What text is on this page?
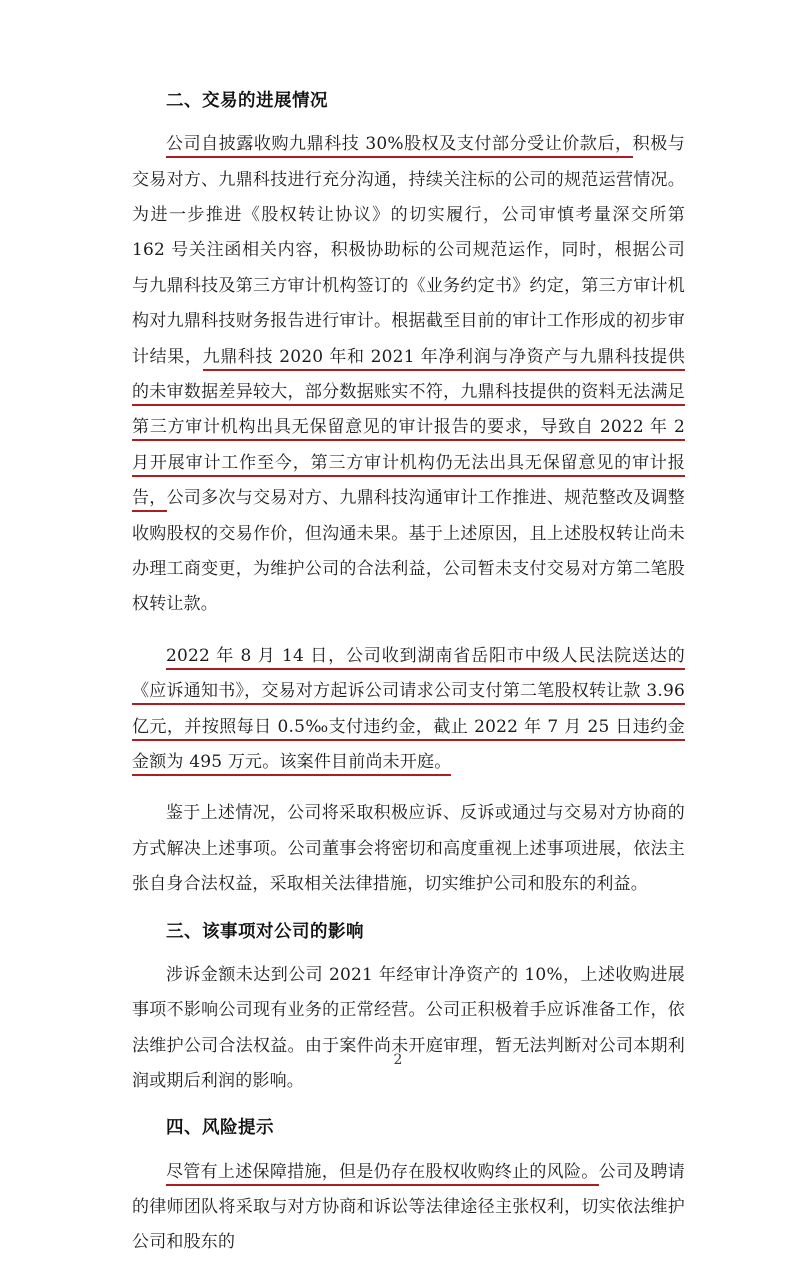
二、交易的进展情况

公司自披露收购九鼎科技 30%股权及支付部分受让价款后，积极与交易对方、九鼎科技进行充分沟通，持续关注标的公司的规范运营情况。为进一步推进《股权转让协议》的切实履行，公司审慎考量深交所第 162 号关注函相关内容，积极协助标的公司规范运作，同时，根据公司与九鼎科技及第三方审计机构签订的《业务约定书》约定，第三方审计机构对九鼎科技财务报告进行审计。根据截至目前的审计工作形成的初步审计结果，九鼎科技 2020 年和 2021 年净利润与净资产与九鼎科技提供的未审数据差异较大，部分数据账实不符，九鼎科技提供的资料无法满足第三方审计机构出具无保留意见的审计报告的要求，导致自 2022 年 2 月开展审计工作至今，第三方审计机构仍无法出具无保留意见的审计报告，公司多次与交易对方、九鼎科技沟通审计工作推进、规范整改及调整收购股权的交易作价，但沟通未果。基于上述原因，且上述股权转让尚未办理工商变更，为维护公司的合法利益，公司暂未支付交易对方第二笔股权转让款。

2022 年 8 月 14 日，公司收到湖南省岳阳市中级人民法院送达的《应诉通知书》，交易对方起诉公司请求公司支付第二笔股权转让款 3.96 亿元，并按照每日 0.5‰支付违约金，截止 2022 年 7 月 25 日违约金金额为 495 万元。该案件目前尚未开庭。

鉴于上述情况，公司将采取积极应诉、反诉或通过与交易对方协商的方式解决上述事项。公司董事会将密切和高度重视上述事项进展，依法主张自身合法权益，采取相关法律措施，切实维护公司和股东的利益。

三、该事项对公司的影响

涉诉金额未达到公司 2021 年经审计净资产的 10%，上述收购进展事项不影响公司现有业务的正常经营。公司正积极着手应诉准备工作，依法维护公司合法权益。由于案件尚未开庭审理，暂无法判断对公司本期利润或期后利润的影响。

四、风险提示

尽管有上述保障措施，但是仍存在股权收购终止的风险。公司及聘请的律师团队将采取与对方协商和诉讼等法律途径主张权利，切实依法维护公司和股东的

2
